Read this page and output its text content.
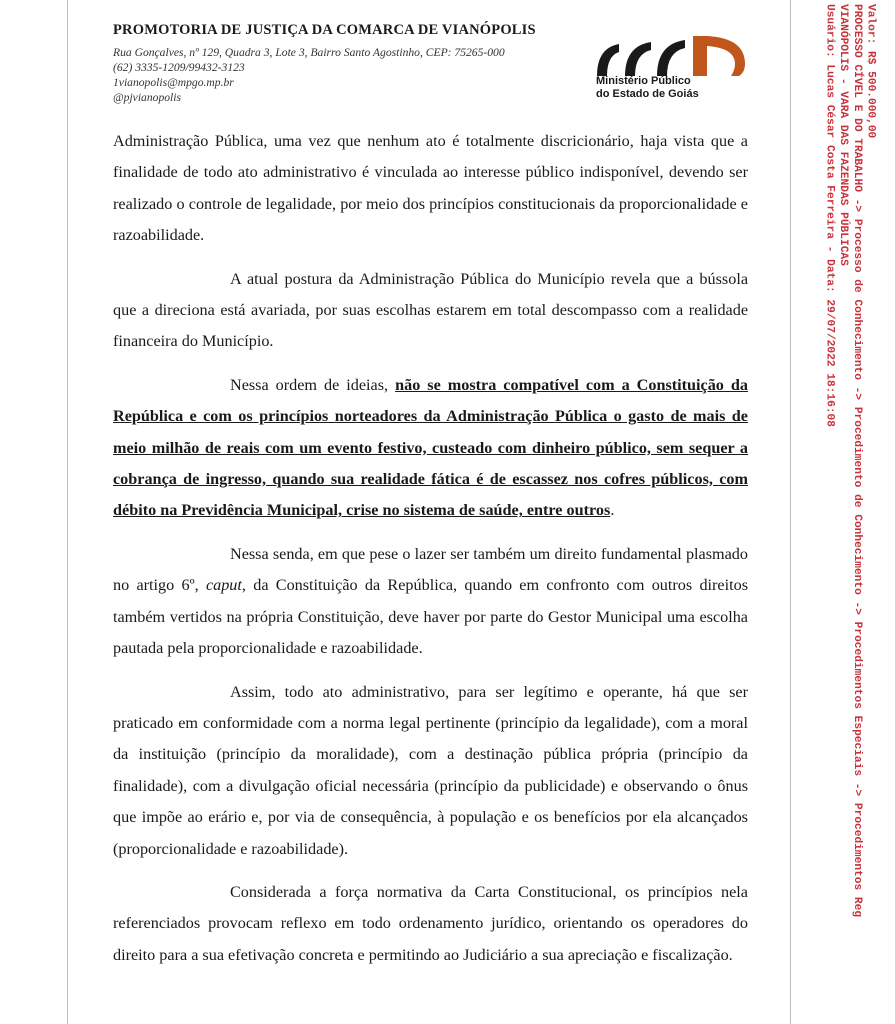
PROMOTORIA DE JUSTIÇA DA COMARCA DE VIANÓPOLIS
Rua Gonçalves, nº 129, Quadra 3, Lote 3, Bairro Santo Agostinho, CEP: 75265-000
(62) 3335-1209/99432-3123
1vianopolis@mpgo.mp.br
@pjvianopolis
Ministério Público
do Estado de Goiás

Administração Pública, uma vez que nenhum ato é totalmente discricionário, haja vista que a finalidade de todo ato administrativo é vinculada ao interesse público indisponível, devendo ser realizado o controle de legalidade, por meio dos princípios constitucionais da proporcionalidade e razoabilidade.

A atual postura da Administração Pública do Município revela que a bússola que a direciona está avariada, por suas escolhas estarem em total descompasso com a realidade financeira do Município.

Nessa ordem de ideias, não se mostra compatível com a Constituição da República e com os princípios norteadores da Administração Pública o gasto de mais de meio milhão de reais com um evento festivo, custeado com dinheiro público, sem sequer a cobrança de ingresso, quando sua realidade fática é de escassez nos cofres públicos, com débito na Previdência Municipal, crise no sistema de saúde, entre outros.

Nessa senda, em que pese o lazer ser também um direito fundamental plasmado no artigo 6º, caput, da Constituição da República, quando em confronto com outros direitos também vertidos na própria Constituição, deve haver por parte do Gestor Municipal uma escolha pautada pela proporcionalidade e razoabilidade.

Assim, todo ato administrativo, para ser legítimo e operante, há que ser praticado em conformidade com a norma legal pertinente (princípio da legalidade), com a moral da instituição (princípio da moralidade), com a destinação pública própria (princípio da finalidade), com a divulgação oficial necessária (princípio da publicidade) e observando o ônus que impõe ao erário e, por via de consequência, à população e os benefícios por ela alcançados (proporcionalidade e razoabilidade).

Considerada a força normativa da Carta Constitucional, os princípios nela referenciados provocam reflexo em todo ordenamento jurídico, orientando os operadores do direito para a sua efetivação concreta e permitindo ao Judiciário a sua apreciação e fiscalização.

Valor: R$ 500.000,00
PROCESSO CÍVEL E DO TRABALHO -> Processo de Conhecimento -> Procedimento de Conhecimento -> Procedimentos Especiais -> Procedimentos Reg
VIANÓPOLIS - VARA DAS FAZENDAS PÚBLICAS
Usuário: Lucas César Costa Ferreira - Data: 29/07/2022 18:16:08
